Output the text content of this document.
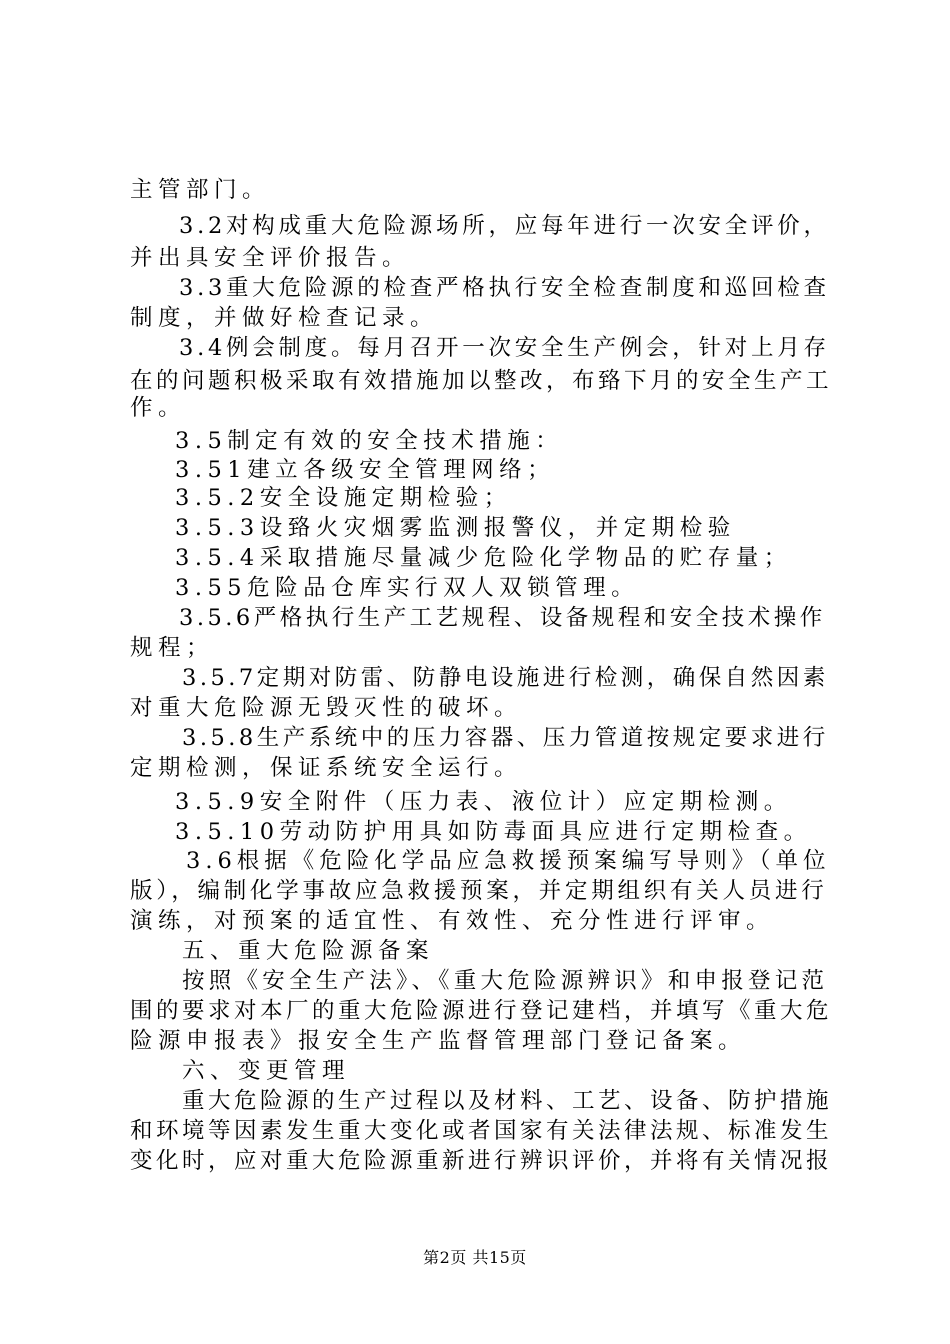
主管部门。
3.2对构成重大危险源场所，应每年进行一次安全评价，
并出具安全评价报告。
3.3重大危险源的检查严格执行安全检查制度和巡回检查
制度，并做好检查记录。
3.4例会制度。每月召开一次安全生产例会，针对上月存
在的问题积极采取有效措施加以整改，布臵下月的安全生产工
作。
3.5制定有效的安全技术措施：
3.51建立各级安全管理网络；
3.5.2安全设施定期检验；
3.5.3设臵火灾烟雾监测报警仪，并定期检验
3.5.4采取措施尽量减少危险化学物品的贮存量；
3.55危险品仓库实行双人双锁管理。
3.5.6严格执行生产工艺规程、设备规程和安全技术操作
规程；
3.5.7定期对防雷、防静电设施进行检测，确保自然因素
对重大危险源无毁灭性的破坏。
3.5.8生产系统中的压力容器、压力管道按规定要求进行
定期检测，保证系统安全运行。
3.5.9安全附件（压力表、液位计）应定期检测。
3.5.10劳动防护用具如防毒面具应进行定期检查。
3.6根据《危险化学品应急救援预案编写导则》（单位
版），编制化学事故应急救援预案，并定期组织有关人员进行
演练，对预案的适宜性、有效性、充分性进行评审。
五、重大危险源备案
按照《安全生产法》、《重大危险源辨识》和申报登记范
围的要求对本厂的重大危险源进行登记建档，并填写《重大危
险源申报表》报安全生产监督管理部门登记备案。
六、变更管理
重大危险源的生产过程以及材料、工艺、设备、防护措施
和环境等因素发生重大变化或者国家有关法律法规、标准发生
变化时，应对重大危险源重新进行辨识评价，并将有关情况报
第2页 共15页
